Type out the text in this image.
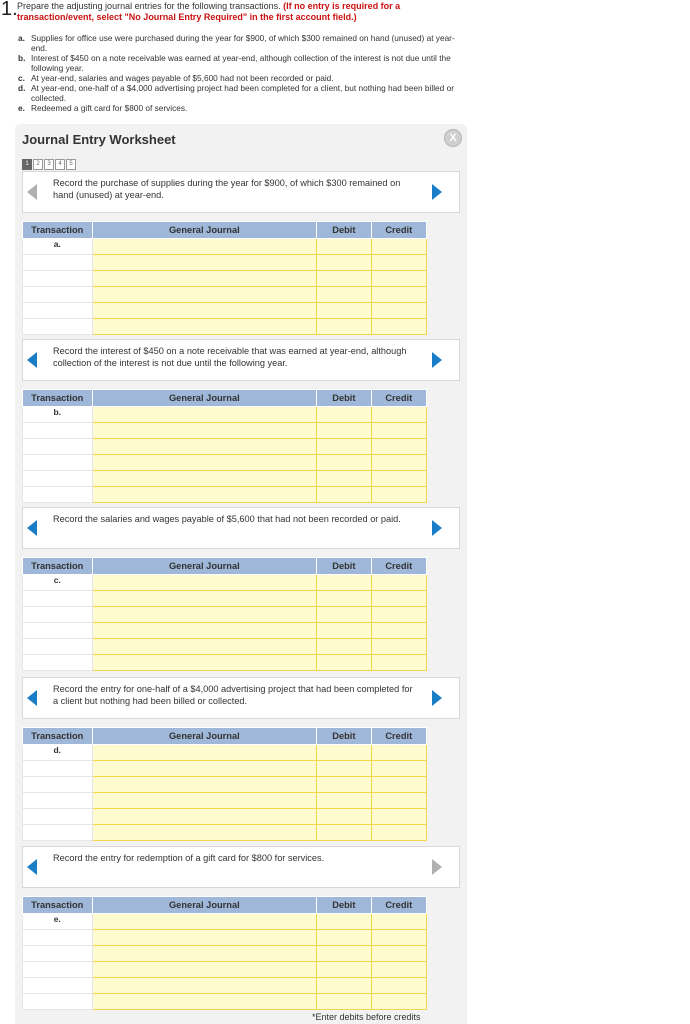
1. Prepare the adjusting journal entries for the following transactions. (If no entry is required for a transaction/event, select "No Journal Entry Required" in the first account field.)
a. Supplies for office use were purchased during the year for $900, of which $300 remained on hand (unused) at year-end.
b. Interest of $450 on a note receivable was earned at year-end, although collection of the interest is not due until the following year.
c. At year-end, salaries and wages payable of $5,600 had not been recorded or paid.
d. At year-end, one-half of a $4,000 advertising project had been completed for a client, but nothing had been billed or collected.
e. Redeemed a gift card for $800 of services.
Journal Entry Worksheet	X
1	2	3	4	5
Record the purchase of supplies during the year for $900, of which $300 remained on hand (unused) at year-end.
Transaction	General Journal	Debit	Credit
a.			

Record the interest of $450 on a note receivable that was earned at year-end, although collection of the interest is not due until the following year.
Transaction	General Journal	Debit	Credit
b.			

Record the salaries and wages payable of $5,600 that had not been recorded or paid.
Transaction	General Journal	Debit	Credit
c.			

Record the entry for one-half of a $4,000 advertising project that had been completed for a client but nothing had been billed or collected.
Transaction	General Journal	Debit	Credit
d.			

Record the entry for redemption of a gift card for $800 for services.
Transaction	General Journal	Debit	Credit
e.			

*Enter debits before credits
